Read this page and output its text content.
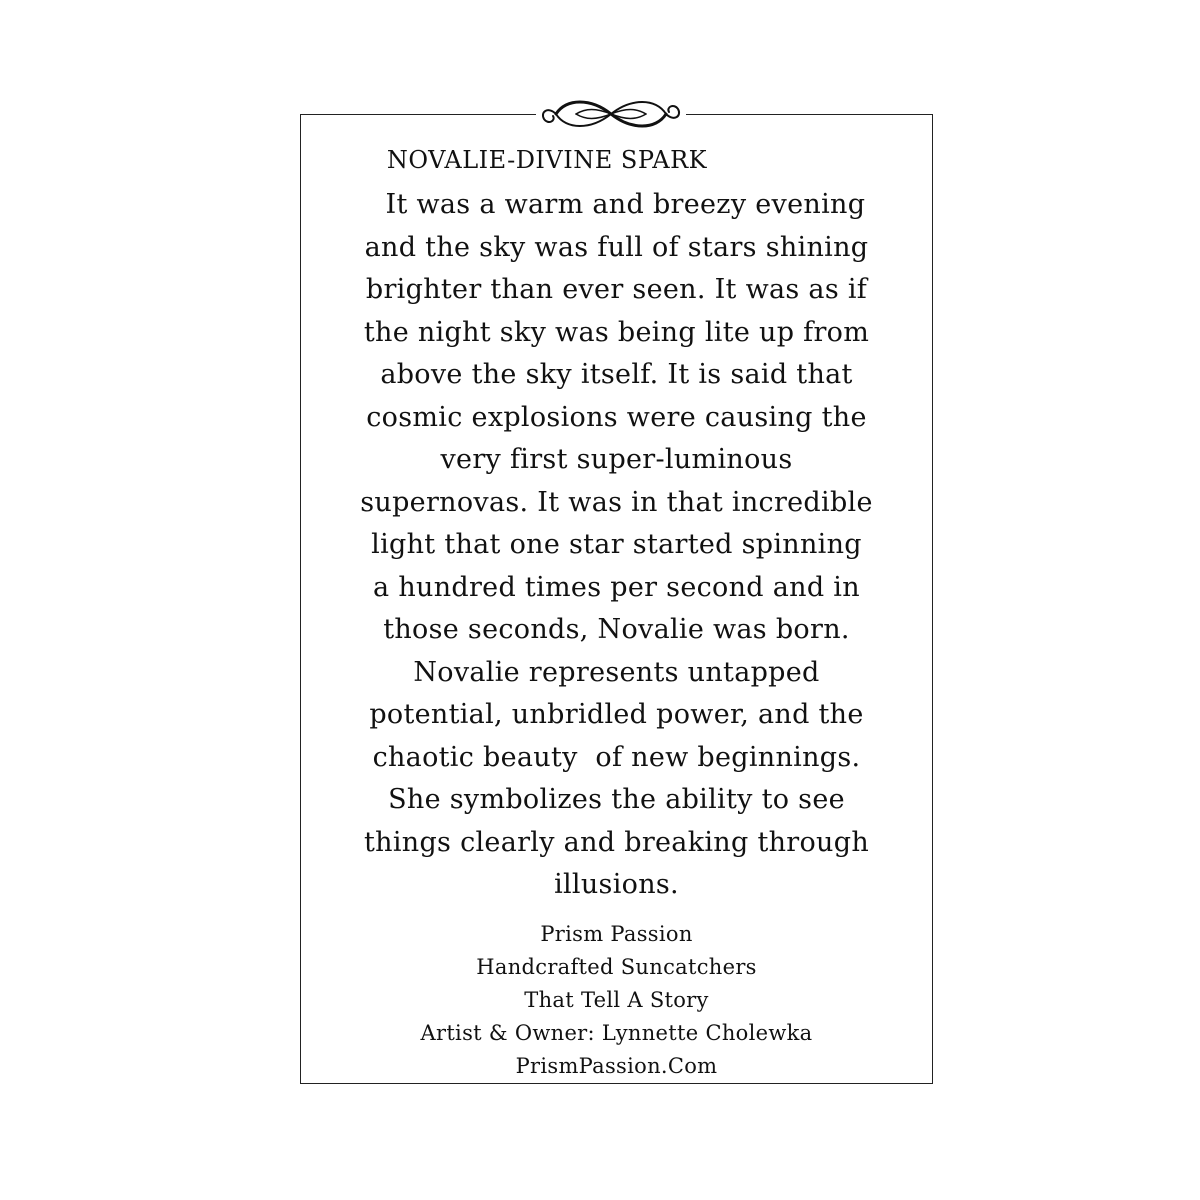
NOVALIE-DIVINE SPARK
It was a warm and breezy evening
and the sky was full of stars shining
brighter than ever seen. It was as if
the night sky was being lite up from
above the sky itself. It is said that
cosmic explosions were causing the
very first super-luminous
supernovas. It was in that incredible
light that one star started spinning
a hundred times per second and in
those seconds, Novalie was born.
Novalie represents untapped
potential, unbridled power, and the
chaotic beauty  of new beginnings.
She symbolizes the ability to see
things clearly and breaking through
illusions.
Prism Passion
Handcrafted Suncatchers
That Tell A Story
Artist & Owner: Lynnette Cholewka
PrismPassion.Com
